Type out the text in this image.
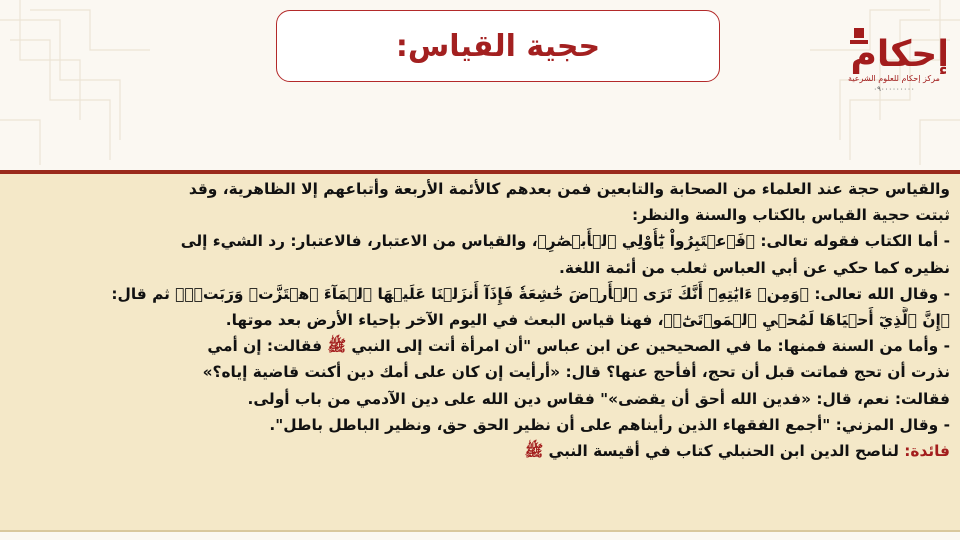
حجية القياس:	إحكام
مركز إحكام للعلوم الشرعية
٠٩٠٠٠٠٠٠٠٠٠
والقياس حجة عند العلماء من الصحابة والتابعين فمن بعدهم كالأئمة الأربعة وأتباعهم إلا الظاهرية، وقد
ثبتت حجية القياس بالكتاب والسنة والنظر:
- أما الكتاب فقوله تعالى: ﴿فَٱعۡتَبِرُواْ يَٰٓأُوْلِي ٱلۡأَبۡصَٰرِ﴾، والقياس من الاعتبار، فالاعتبار: رد الشيء إلى
نظيره كما حكي عن أبي العباس ثعلب من أئمة اللغة.
- وقال الله تعالى: ﴿وَمِنۡ ءَايَٰتِهِۦٓ أَنَّكَ تَرَى ٱلۡأَرۡضَ خَٰشِعَةٗ فَإِذَآ أَنزَلۡنَا عَلَيۡهَا ٱلۡمَآءَ ٱهۡتَزَّتۡ وَرَبَتۡۚ﴾ ثم قال:
﴿إِنَّ ٱلَّذِيٓ أَحۡيَاهَا لَمُحۡيِ ٱلۡمَوۡتَىٰٓۚ﴾، فهنا قياس البعث في اليوم الآخر بإحياء الأرض بعد موتها.
- وأما من السنة فمنها: ما في الصحيحين عن ابن عباس "أن امرأة أتت إلى النبي ﷺ فقالت: إن أمي
نذرت أن تحج فماتت قبل أن تحج، أفأحج عنها؟ قال: «أرأيت إن كان على أمك دين أكنت قاضية إياه؟»
فقالت: نعم، قال: «فدين الله أحق أن يقضى»" فقاس دين الله على دين الآدمي من باب أولى.
- وقال المزني: "أجمع الفقهاء الذين رأيناهم على أن نظير الحق حق، ونظير الباطل باطل".
فائدة: لناصح الدين ابن الحنبلي كتاب في أقيسة النبي ﷺ
